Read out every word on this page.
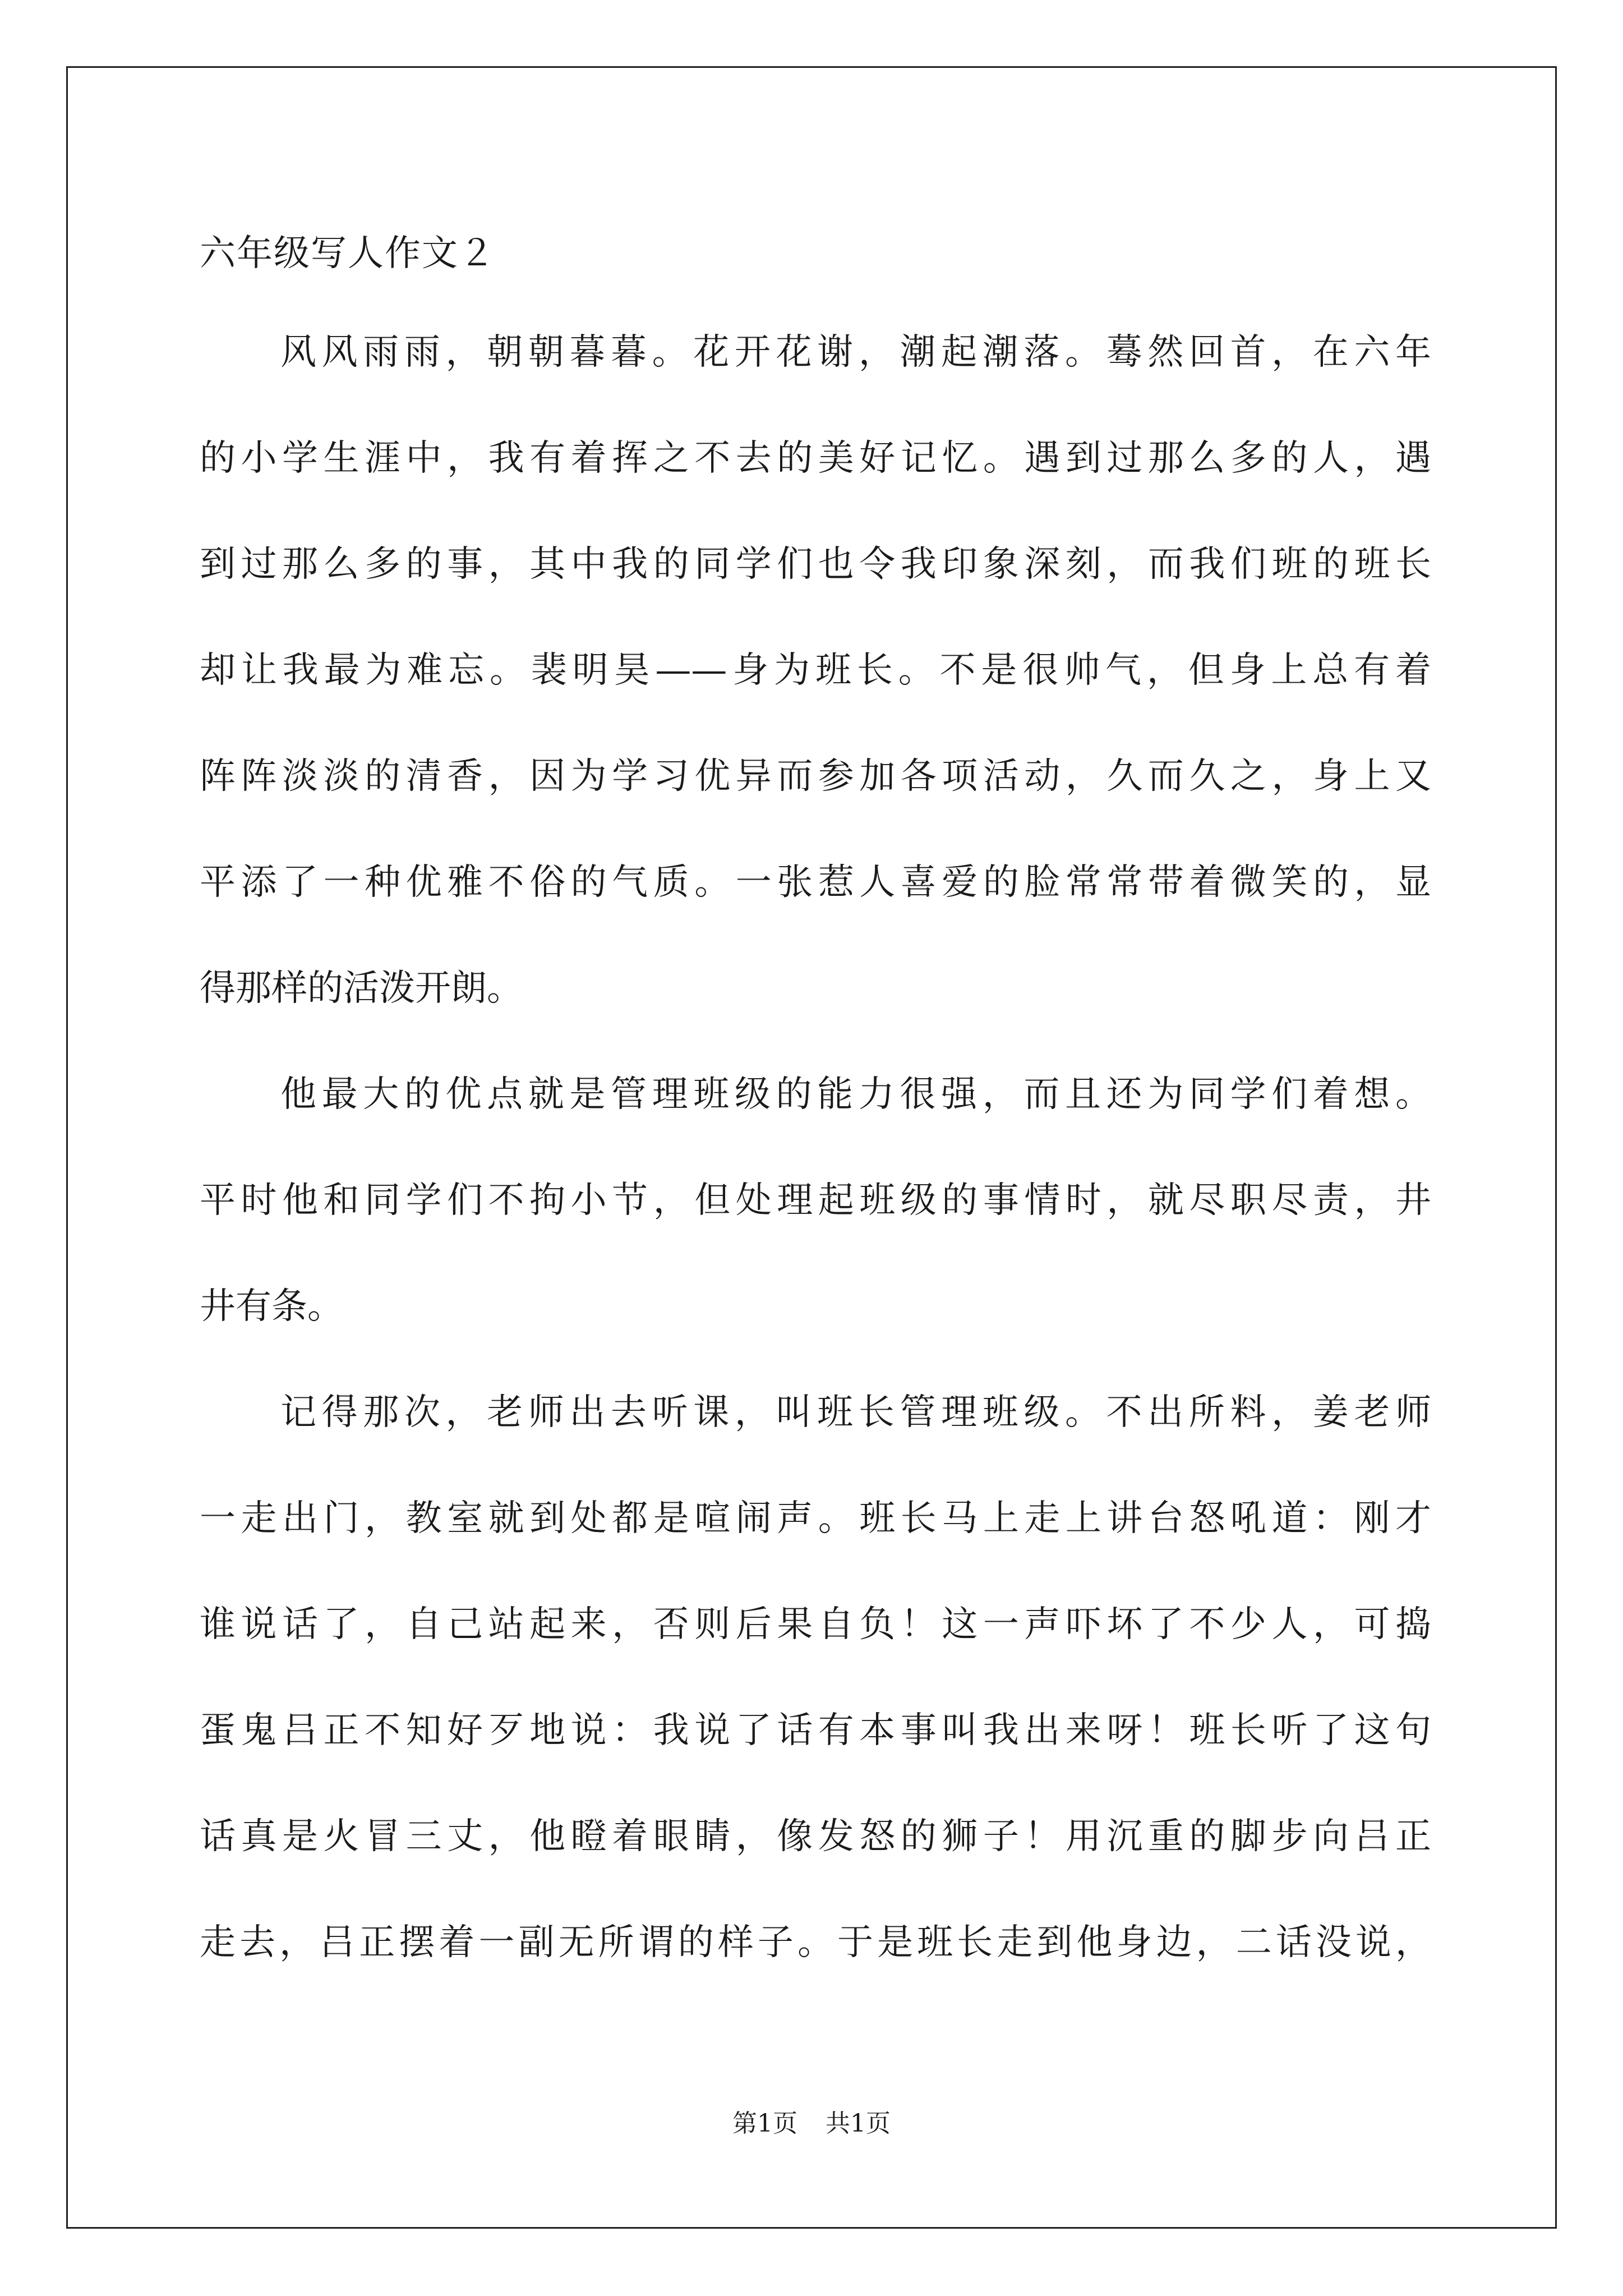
六年级写人作文２
风风雨雨，朝朝暮暮。花开花谢，潮起潮落。蓦然回首，在六年
的小学生涯中，我有着挥之不去的美好记忆。遇到过那么多的人，遇
到过那么多的事，其中我的同学们也令我印象深刻，而我们班的班长
却让我最为难忘。裴明昊——身为班长。不是很帅气，但身上总有着
阵阵淡淡的清香，因为学习优异而参加各项活动，久而久之，身上又
平添了一种优雅不俗的气质。一张惹人喜爱的脸常常带着微笑的，显
得那样的活泼开朗。
他最大的优点就是管理班级的能力很强，而且还为同学们着想。
平时他和同学们不拘小节，但处理起班级的事情时，就尽职尽责，井
井有条。
记得那次，老师出去听课，叫班长管理班级。不出所料，姜老师
一走出门，教室就到处都是喧闹声。班长马上走上讲台怒吼道：刚才
谁说话了，自己站起来，否则后果自负！这一声吓坏了不少人，可捣
蛋鬼吕正不知好歹地说：我说了话有本事叫我出来呀！班长听了这句
话真是火冒三丈，他瞪着眼睛，像发怒的狮子！用沉重的脚步向吕正
走去，吕正摆着一副无所谓的样子。于是班长走到他身边，二话没说，
第1页 共1页
